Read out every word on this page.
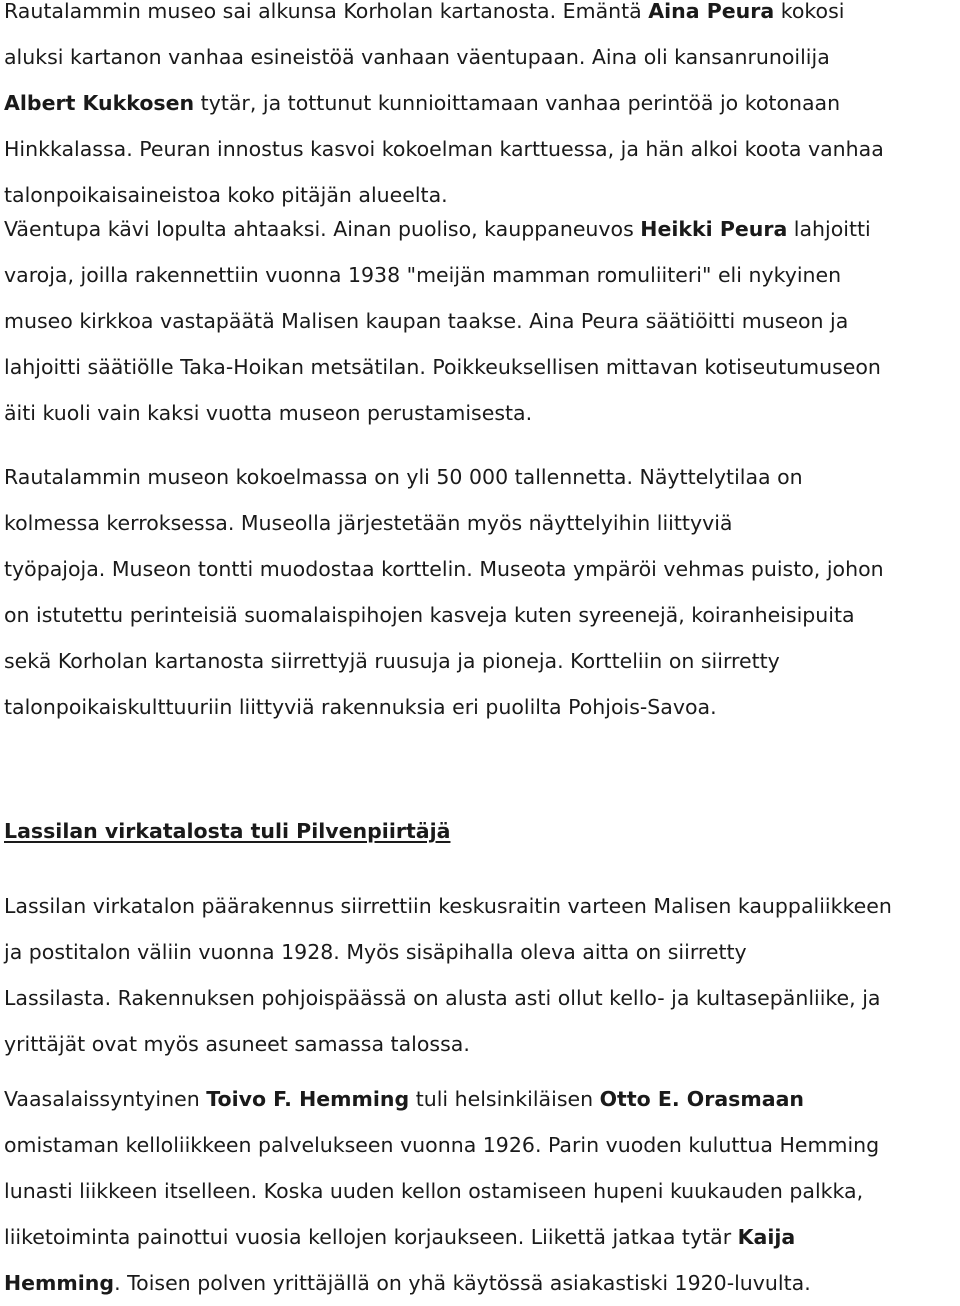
Rautalammin museo sai alkunsa Korholan kartanosta. Emäntä Aina Peura kokosi
aluksi kartanon vanhaa esineistöä vanhaan väentupaan. Aina oli kansanrunoilija
Albert Kukkosen tytär, ja tottunut kunnioittamaan vanhaa perintöä jo kotonaan
Hinkkalassa. Peuran innostus kasvoi kokoelman karttuessa, ja hän alkoi koota vanhaa
talonpoikaisaineistoa koko pitäjän alueelta.

Väentupa kävi lopulta ahtaaksi. Ainan puoliso, kauppaneuvos Heikki Peura lahjoitti
varoja, joilla rakennettiin vuonna 1938 "meijän mamman romuliiteri" eli nykyinen
museo kirkkoa vastapäätä Malisen kaupan taakse. Aina Peura säätiöitti museon ja
lahjoitti säätiölle Taka-Hoikan metsätilan. Poikkeuksellisen mittavan kotiseutumuseon
äiti kuoli vain kaksi vuotta museon perustamisesta.

Rautalammin museon kokoelmassa on yli 50 000 tallennetta. Näyttelytilaa on
kolmessa kerroksessa. Museolla järjestetään myös näyttelyihin liittyviä
työpajoja. Museon tontti muodostaa korttelin. Museota ympäröi vehmas puisto, johon
on istutettu perinteisiä suomalaispihojen kasveja kuten syreenejä, koiranheisipuita
sekä Korholan kartanosta siirrettyjä ruusuja ja pioneja. Kortteliin on siirretty
talonpoikaiskulttuuriin liittyviä rakennuksia eri puolilta Pohjois-Savoa.

Lassilan virkatalosta tuli Pilvenpiirtäjä

Lassilan virkatalon päärakennus siirrettiin keskusraitin varteen Malisen kauppaliikkeen
ja postitalon väliin vuonna 1928. Myös sisäpihalla oleva aitta on siirretty
Lassilasta. Rakennuksen pohjoispäässä on alusta asti ollut kello- ja kultasepänliike, ja
yrittäjät ovat myös asuneet samassa talossa.

Vaasalaissyntyinen Toivo F. Hemming tuli helsinkiläisen Otto E. Orasmaan
omistaman kelloliikkeen palvelukseen vuonna 1926. Parin vuoden kuluttua Hemming
lunasti liikkeen itselleen. Koska uuden kellon ostamiseen hupeni kuukauden palkka,
liiketoiminta painottui vuosia kellojen korjaukseen. Liikettä jatkaa tytär Kaija
Hemming. Toisen polven yrittäjällä on yhä käytössä asiakastiski 1920-luvulta.
